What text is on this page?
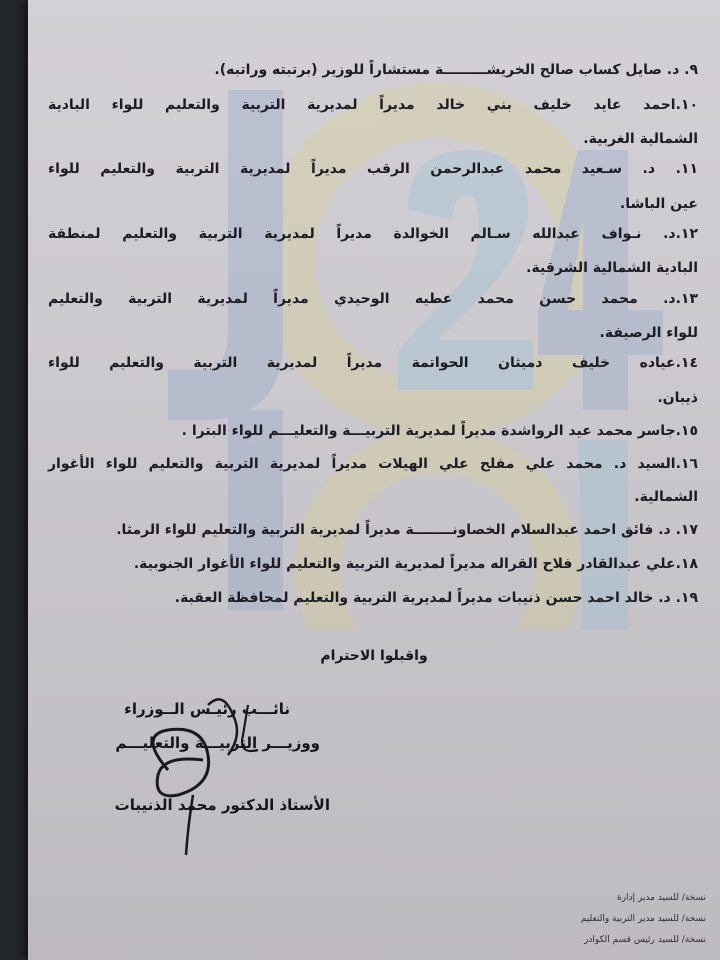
٩. د. صايل كساب صالح الخريشـــــــــة مستشاراً للوزير (برتبته وراتبه).
١٠.احمد عايد خليف بني خالد مديراً لمديرية التربية والتعليم للواء البادية
الشمالية الغربية.
١١. د. سـعيد محمد عبدالرحمن الرقب مديراً لمديرية التربية والتعليم للواء
عين الباشا.
١٢.د. نـواف عبدالله سـالم الخوالدة مديراً لمديرية التربية والتعليم لمنطقة
البادية الشمالية الشرقية.
١٣.د. محمد حسن محمد عطيه الوحيدي مديراً لمديرية التربية والتعليم
للواء الرصيفة.
١٤.عياده خليف دميثان الحواتمة مديراً لمديرية التربية والتعليم للواء
ذيبان.
١٥.جاسر محمد عيد الرواشدة مديراً لمديرية التربيـــة والتعليـــم للواء البترا .
١٦.السيد د. محمد علي مفلح علي الهيلات مديراً لمديرية التربية والتعليم للواء الأغوار
الشمالية.
١٧. د. فائق احمد عبدالسلام الخصاونــــــــة مديراً لمديرية التربية والتعليم للواء الرمثا.
١٨.علي عبدالقادر فلاح القراله مديراً لمديرية التربية والتعليم للواء الأغوار الجنوبية.
١٩. د. خالد احمد حسن ذنيبات مديراً لمديرية التربية والتعليم لمحافظة العقبة.
واقبلوا الاحترام
نائـــب رئيـس الــوزراء
ووزيـــر التربيـــة والتعليـــم
الأستاذ الدكتور محمد الذنيبات
نسخة/ للسيد مدير إدارة
نسخة/ للسيد مدير التربية والتعليم
نسخة/ للسيد رئيس قسم الكوادر
